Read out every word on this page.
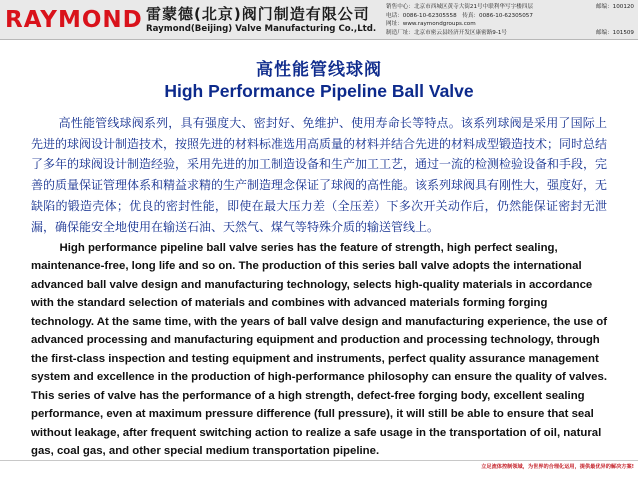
RAYMOND 雷蒙德(北京)阀门制造有限公司
Raymond(Beijing) Valve Manufacturing Co.,Ltd.
销售中心：北京市西城区黄寺大街21号中联利华写字楼四层	邮编：100120
电话：0086-10-62305558　传真：0086-10-62305057
网址：www.raymondgroups.com
制造厂址：北京市密云县经济开发区康密路9-1号	邮编：101509
高性能管线球阀
High Performance Pipeline Ball Valve

高性能管线球阀系列，具有强度大、密封好、免维护、使用寿命长等特点。该系列球阀是采用了国际上先进的球阀设计制造技术，按照先进的材料标准选用高质量的材料并结合先进的材料成型锻造技术；同时总结了多年的球阀设计制造经验，采用先进的加工制造设备和生产加工工艺，通过一流的检测检验设备和手段，完善的质量保证管理体系和精益求精的生产制造理念保证了球阀的高性能。该系列球阀具有刚性大，强度好，无缺陷的锻造壳体；优良的密封性能，即使在最大压力差（全压差）下多次开关动作后，仍然能保证密封无泄漏，确保能安全地使用在输送石油、天然气、煤气等特殊介质的输送管线上。

High performance pipeline ball valve series has the feature of strength, high perfect sealing, maintenance-free, long life and so on. The production of this series ball valve adopts the international advanced ball valve design and manufacturing technology, selects high-quality materials in accordance with the standard selection of materials and combines with advanced materials forming forging technology. At the same time, with the years of ball valve design and manufacturing experience, the use of advanced processing and manufacturing equipment and production and processing technology, through the first-class inspection and testing equipment and instruments, perfect quality assurance management system and excellence in the production of high-performance philosophy can ensure the quality of valves. This series of valve has the performance of a high strength, defect-free forging body, excellent sealing performance, even at maximum pressure difference (full pressure), it will still be able to ensure that seal without leakage, after frequent switching action to realize a safe usage in the transportation of oil, natural gas, coal gas, and other special medium transportation pipeline.

立足流体控制领域，为世界的合理化运用，提供最优异的解决方案!
